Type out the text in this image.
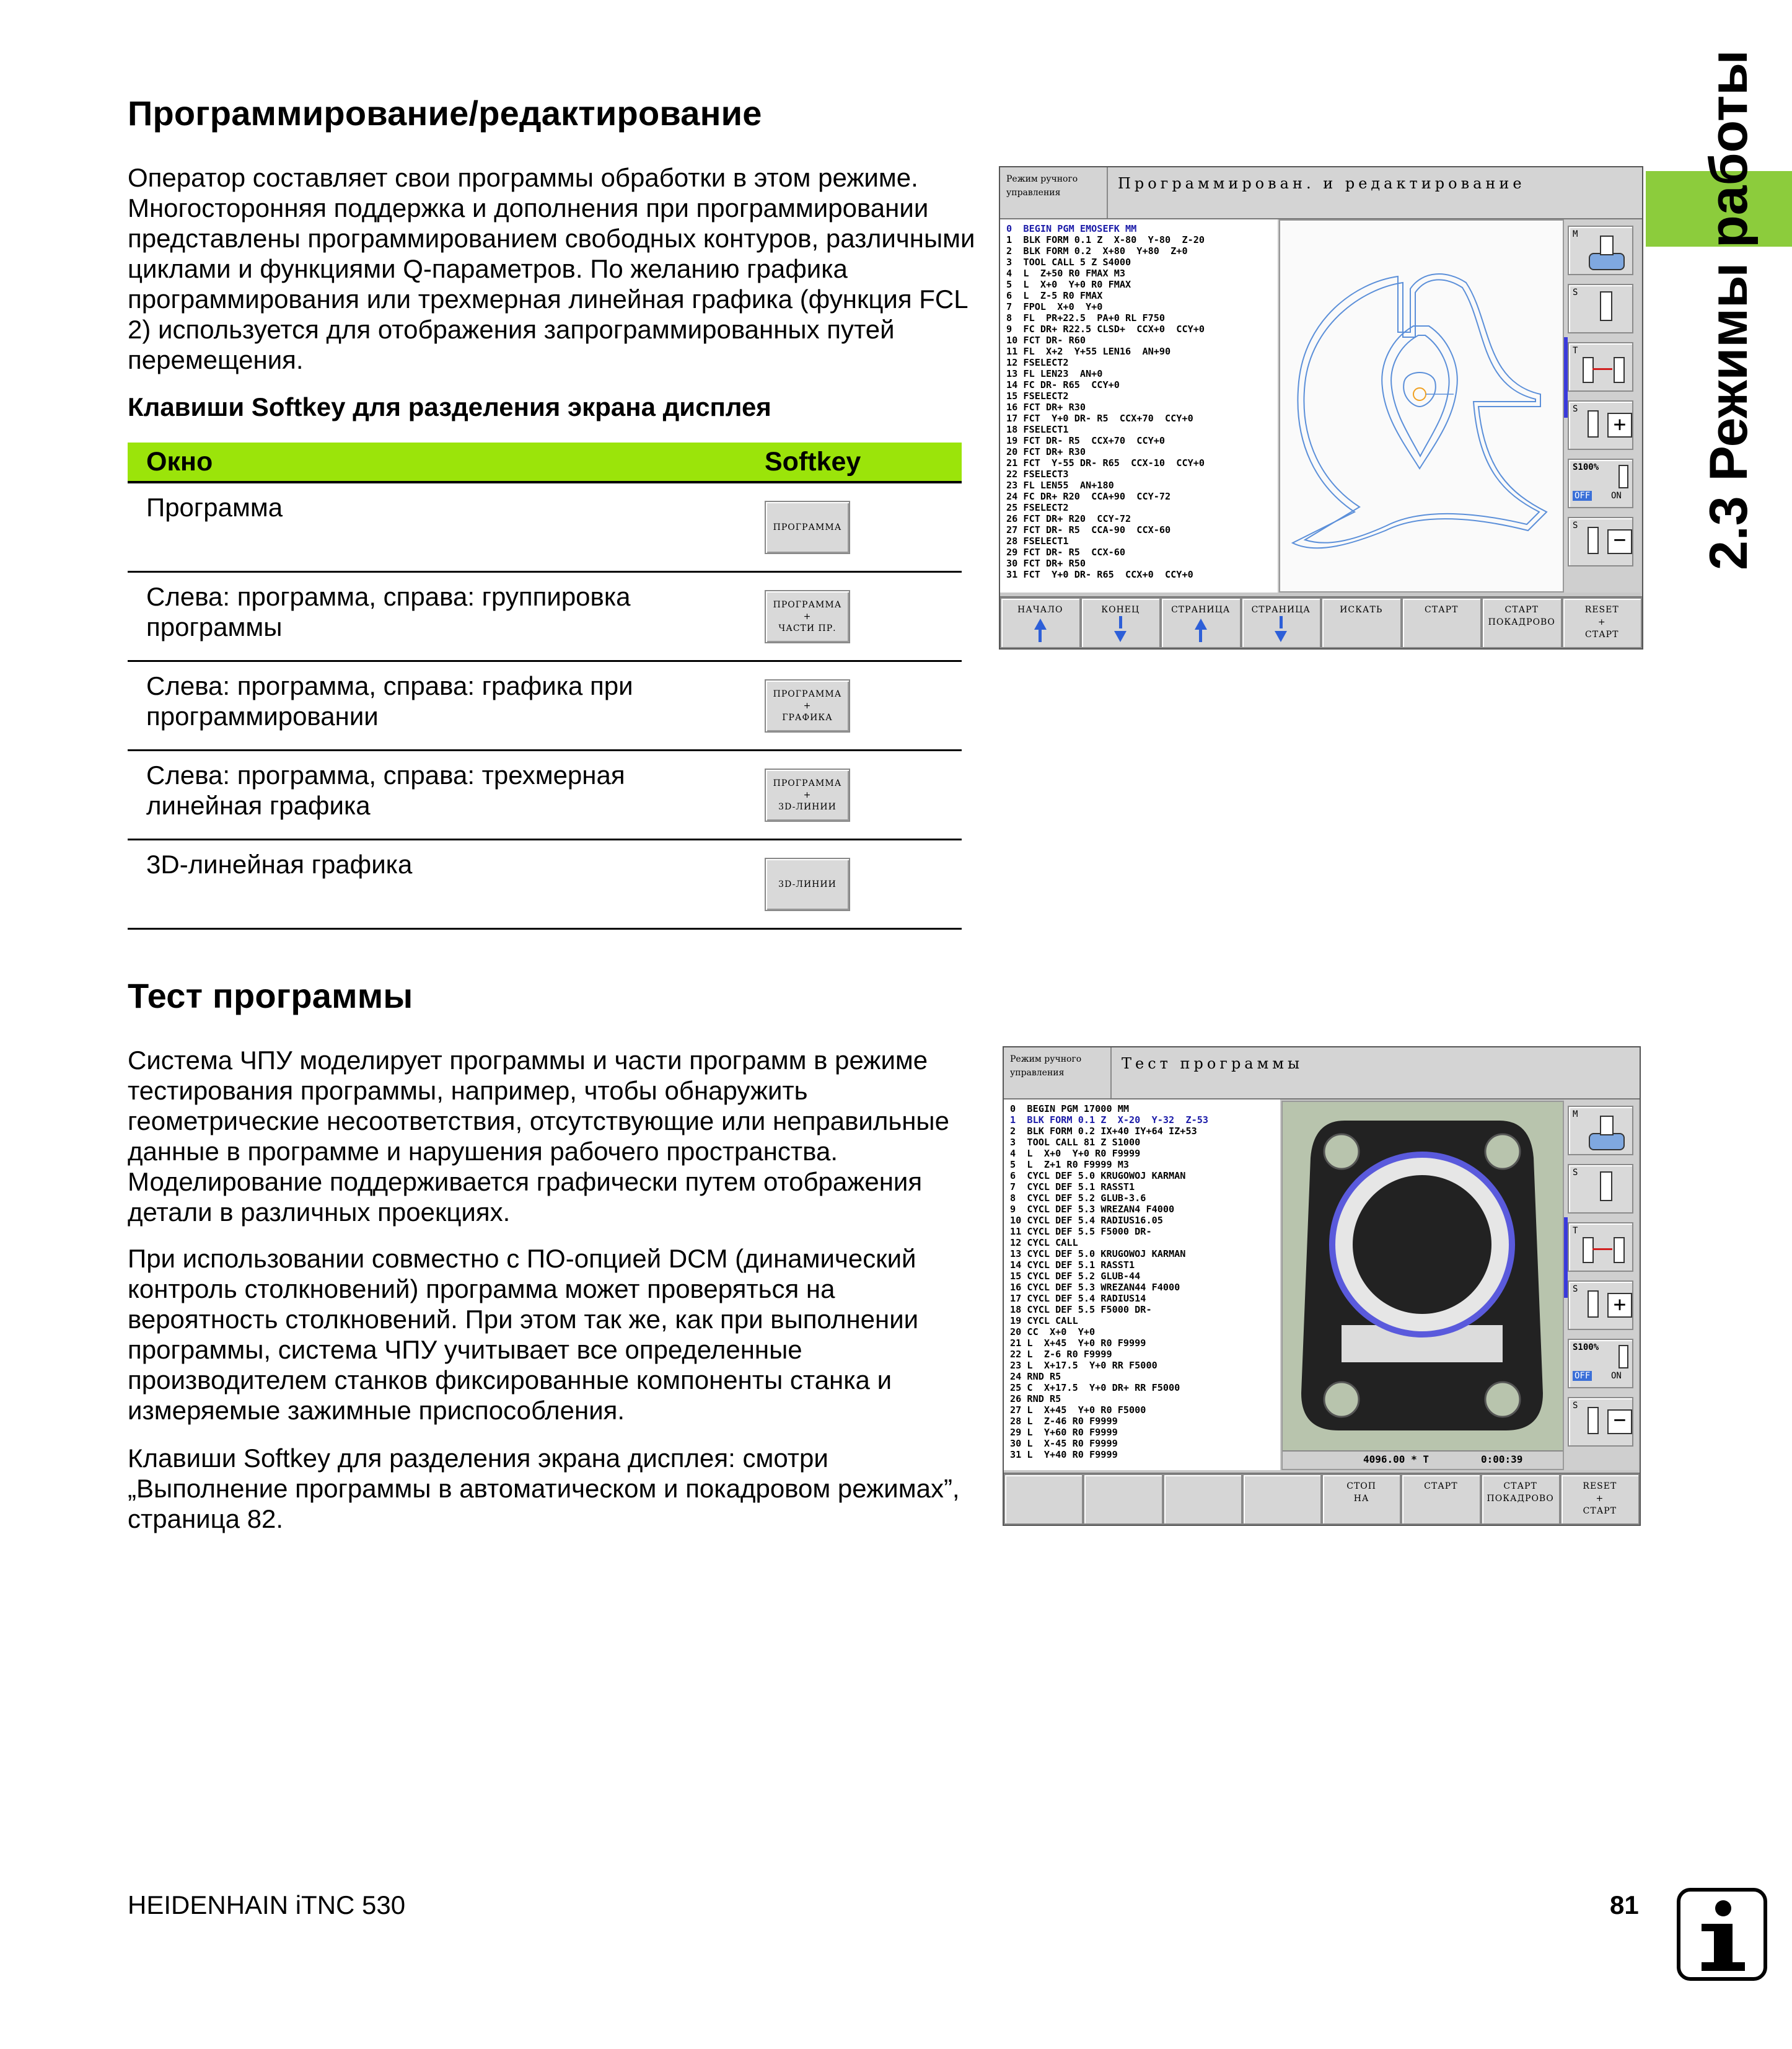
Программирование/редактирование

Оператор составляет свои программы обработки в этом режиме. Многосторонняя поддержка и дополнения при программировании представлены программированием свободных контуров, различными циклами и функциями Q-параметров. По желанию графика программирования или трехмерная линейная графика (функция FCL 2) используется для отображения запрограммированных путей перемещения.

Клавиши Softkey для разделения экрана дисплея

Окно	Softkey
Программа
ПРОГРАММА
Слева: программа, справа: группировка программы
ПРОГРАММА
+
ЧАСТИ ПР.
Слева: программа, справа: графика при программировании
ПРОГРАММА
+
ГРАФИКА
Слева: программа, справа: трехмерная линейная графика
ПРОГРАММА
+
3D-ЛИНИИ
3D-линейная графика
3D-ЛИНИИ
Тест программы

Система ЧПУ моделирует программы и части программ в режиме тестирования программы, например, чтобы обнаружить геометрические несоответствия, отсутствующие или неправильные данные в программе и нарушения рабочего пространства. Моделирование поддерживается графически путем отображения детали в различных проекциях.

При использовании совместно с ПО-опцией DCM (динамический контроль столкновений) программа может проверяться на вероятность столкновений. При этом так же, как при выполнении программы, система ЧПУ учитывает все определенные производителем станков фиксированные компоненты станка и измеряемые зажимные приспособления.

Клавиши Softkey для разделения экрана дисплея: смотри „Выполнение программы в автоматическом и покадровом режимах”, страница 82.

Режим ручного
управления
Программирован. и редактирование
0  BEGIN PGM EMOSEFK MM
1  BLK FORM 0.1 Z  X-80  Y-80  Z-20
2  BLK FORM 0.2  X+80  Y+80  Z+0
3  TOOL CALL 5 Z S4000
4  L  Z+50 R0 FMAX M3
5  L  X+0  Y+0 R0 FMAX
6  L  Z-5 R0 FMAX
7  FPOL  X+0  Y+0
8  FL  PR+22.5  PA+0 RL F750
9  FC DR+ R22.5 CLSD+  CCX+0  CCY+0
10 FCT DR- R60
11 FL  X+2  Y+55 LEN16  AN+90
12 FSELECT2
13 FL LEN23  AN+0
14 FC DR- R65  CCY+0
15 FSELECT2
16 FCT DR+ R30
17 FCT  Y+0 DR- R5  CCX+70  CCY+0
18 FSELECT1
19 FCT DR- R5  CCX+70  CCY+0
20 FCT DR+ R30
21 FCT  Y-55 DR- R65  CCX-10  CCY+0
22 FSELECT3
23 FL LEN55  AN+180
24 FC DR+ R20  CCA+90  CCY-72
25 FSELECT2
26 FCT DR+ R20  CCY-72
27 FCT DR- R5  CCA-90  CCX-60
28 FSELECT1
29 FCT DR- R5  CCX-60
30 FCT DR+ R50
31 FCT  Y+0 DR- R65  CCX+0  CCY+0
M
S
T
S
+
S100%
OFF ON
S
−
НАЧАЛО	КОНЕЦ	СТРАНИЦА СТРАНИЦА	ИСКАТЬ	СТАРТ	СТАРТ
ПОКАДРОВО
RESET
+
СТАРТ
Режим ручного
управления
Тест программы
0  BEGIN PGM 17000 MM
1  BLK FORM 0.1 Z  X-20  Y-32  Z-53
2  BLK FORM 0.2 IX+40 IY+64 IZ+53
3  TOOL CALL 81 Z S1000
4  L  X+0  Y+0 R0 F9999
5  L  Z+1 R0 F9999 M3
6  CYCL DEF 5.0 KRUGOWOJ KARMAN
7  CYCL DEF 5.1 RASST1
8  CYCL DEF 5.2 GLUB-3.6
9  CYCL DEF 5.3 WREZAN4 F4000
10 CYCL DEF 5.4 RADIUS16.05
11 CYCL DEF 5.5 F5000 DR-
12 CYCL CALL
13 CYCL DEF 5.0 KRUGOWOJ KARMAN
14 CYCL DEF 5.1 RASST1
15 CYCL DEF 5.2 GLUB-44
16 CYCL DEF 5.3 WREZAN44 F4000
17 CYCL DEF 5.4 RADIUS14
18 CYCL DEF 5.5 F5000 DR-
19 CYCL CALL
20 CC  X+0  Y+0
21 L  X+45  Y+0 R0 F9999
22 L  Z-6 R0 F9999
23 L  X+17.5  Y+0 RR F5000
24 RND R5
25 C  X+17.5  Y+0 DR+ RR F5000
26 RND R5
27 L  X+45  Y+0 R0 F5000
28 L  Z-46 R0 F9999
29 L  Y+60 R0 F9999
30 L  X-45 R0 F9999
31 L  Y+40 R0 F9999	4096.00 * T	0:00:39
M
S
T
S
+
S100%
OFF ON
S
−
СТОП
НА
СТАРТ	СТАРТ
ПОКАДРОВО
RESET
+
СТАРТ
2.3 Режимы работы
HEIDENHAIN iTNC 530	81
